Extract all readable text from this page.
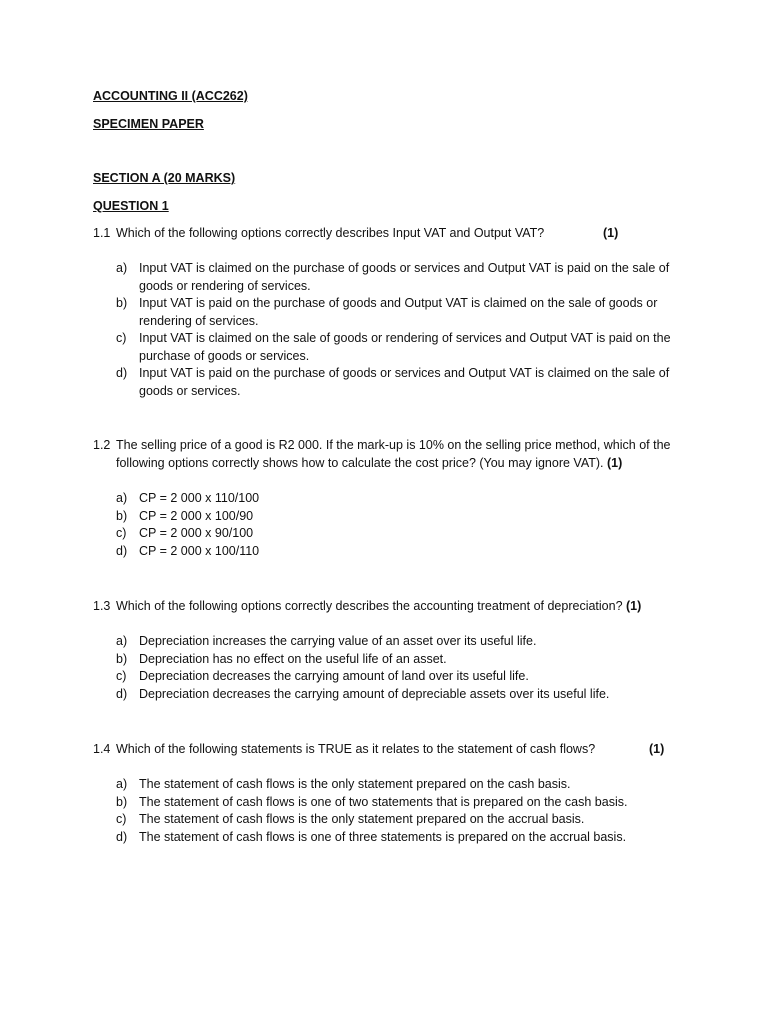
ACCOUNTING II (ACC262)
SPECIMEN PAPER
SECTION A (20 MARKS)
QUESTION 1
1.1 Which of the following options correctly describes Input VAT and Output VAT?	(1)
a) Input VAT is claimed on the purchase of goods or services and Output VAT is paid on the sale of goods or rendering of services.
b) Input VAT is paid on the purchase of goods and Output VAT is claimed on the sale of goods or rendering of services.
c)	Input VAT is claimed on the sale of goods or rendering of services and Output VAT is paid on the purchase of goods or services.
d) Input VAT is paid on the purchase of goods or services and Output VAT is claimed on the sale of goods or services.
1.2 The selling price of a good is R2 000. If the mark-up is 10% on the selling price method, which of the following options correctly shows how to calculate the cost price? (You may ignore VAT). (1)
a) CP = 2 000 x 110/100
b) CP = 2 000 x 100/90
c)	CP = 2 000 x 90/100
d) CP = 2 000 x 100/110
1.3 Which of the following options correctly describes the accounting treatment of depreciation? (1)
a) Depreciation increases the carrying value of an asset over its useful life.
b) Depreciation has no effect on the useful life of an asset.
c)	Depreciation decreases the carrying amount of land over its useful life.
d) Depreciation decreases the carrying amount of depreciable assets over its useful life.
1.4 Which of the following statements is TRUE as it relates to the statement of cash flows?	(1)
a) The statement of cash flows is the only statement prepared on the cash basis.
b) The statement of cash flows is one of two statements that is prepared on the cash basis.
c)	The statement of cash flows is the only statement prepared on the accrual basis.
d) The statement of cash flows is one of three statements is prepared on the accrual basis.
